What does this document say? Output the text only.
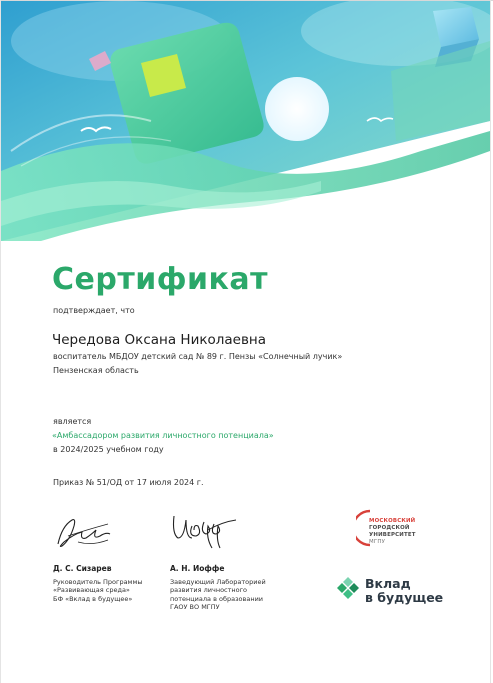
Сертификат
подтверждает, что
Чередова Оксана Николаевна
воспитатель МБДОУ детский сад № 89 г. Пензы «Солнечный лучик»
Пензенская область
является
«Амбассадором развития личностного потенциала»
в 2024/2025 учебном году
Приказ № 51/ОД от 17 июля 2024 г.
Д. С. Сизарев
Руководитель Программы
«Развивающая среда»
БФ «Вклад в будущее»
А. Н. Иоффе
Заведующий Лабораторией
развития личностного
потенциала в образовании
ГАОУ ВО МГПУ
МОСКОВСКИЙ
ГОРОДСКОЙ
УНИВЕРСИТЕТ
МГПУ
Вклад
в будущее
